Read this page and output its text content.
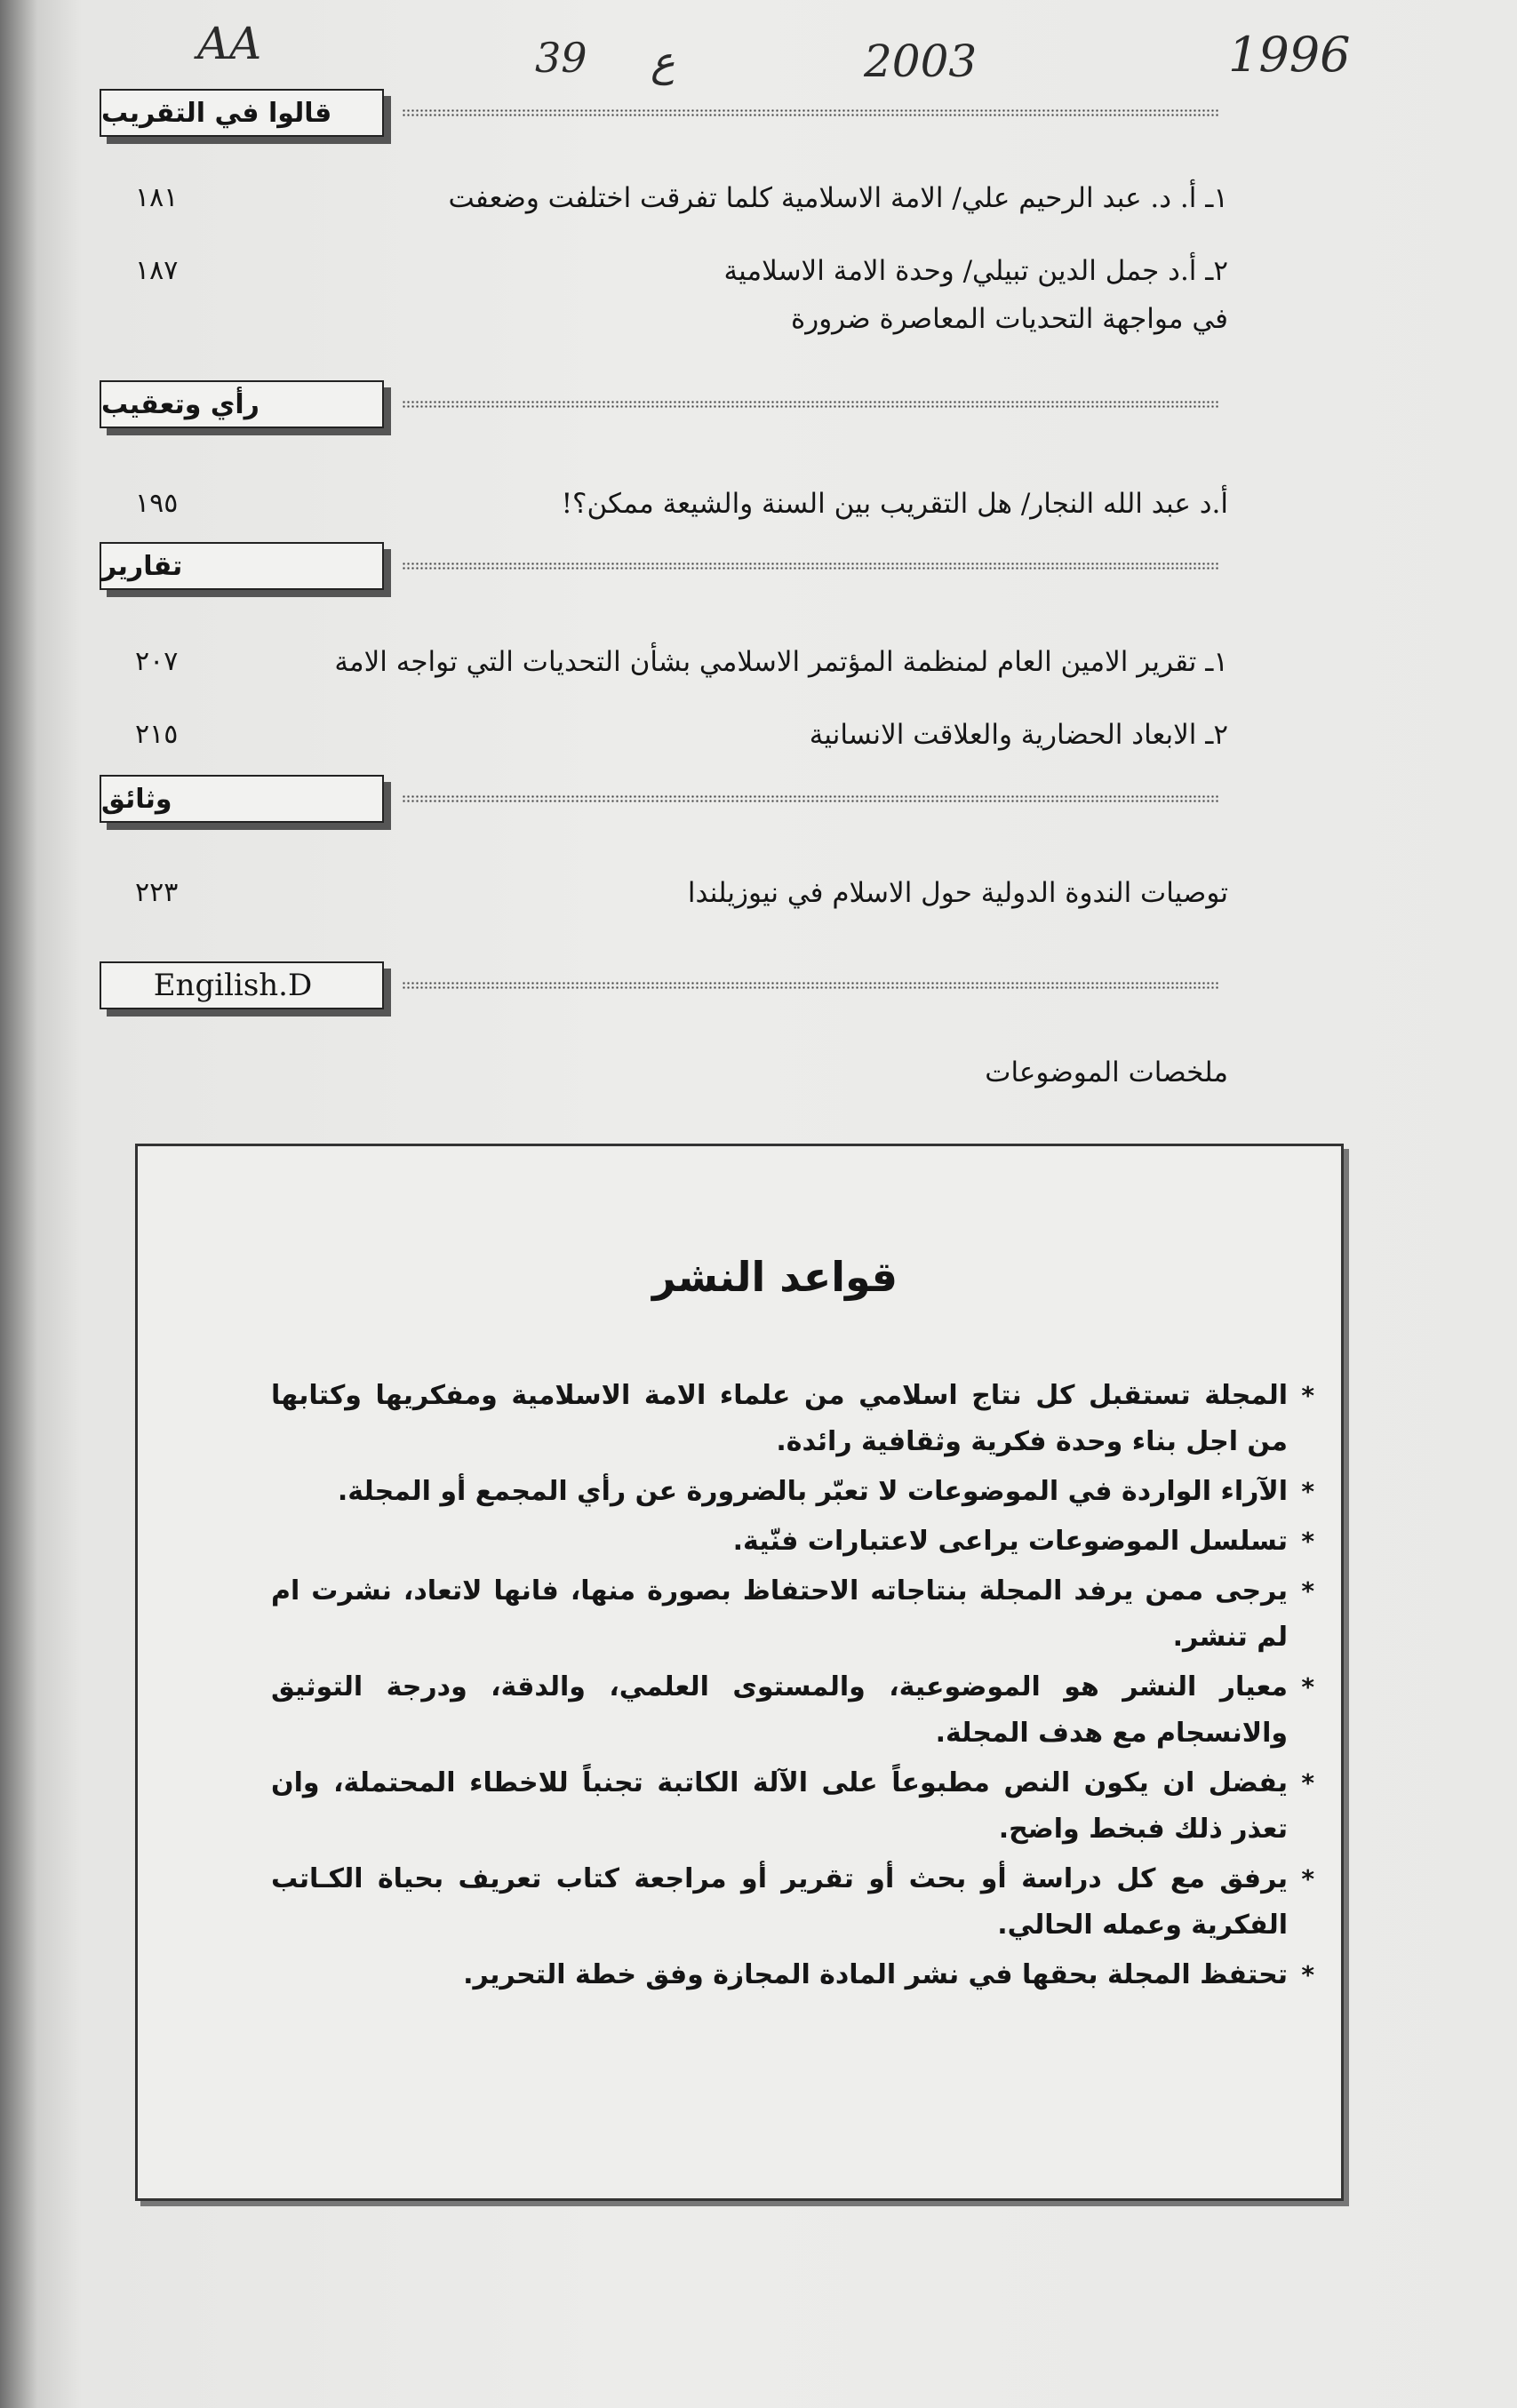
AA	39 ع	2003	1996
قالوا في التقريب
١٨١	١ـ أ. د. عبد الرحيم علي/ الامة الاسلامية كلما تفرقت اختلفت وضعفت
١٨٧	٢ـ أ.د جمل الدين تبيلي/ وحدة الامة الاسلامية في مواجهة التحديات المعاصرة ضرورة
رأي وتعقيب
١٩٥	أ.د عبد الله النجار/ هل التقريب بين السنة والشيعة ممكن؟!
تقارير
٢٠٧	١ـ تقرير الامين العام لمنظمة المؤتمر الاسلامي بشأن التحديات التي تواجه الامة
٢١٥	٢ـ الابعاد الحضارية والعلاقت الانسانية
وثائق
٢٢٣	توصيات الندوة الدولية حول الاسلام في نيوزيلندا
Engilish.D
ملخصات الموضوعات
قواعد النشر
*
المجلة تستقبل كل نتاج اسلامي من علماء الامة الاسلامية ومفكريها وكتابها من اجل بناء وحدة فكرية وثقافية رائدة.
*
الآراء الواردة في الموضوعات لا تعبّر بالضرورة عن رأي المجمع أو المجلة.
*
تسلسل الموضوعات يراعى لاعتبارات فنّية.
*
يرجى ممن يرفد المجلة بنتاجاته الاحتفاظ بصورة منها، فانها لاتعاد، نشرت ام لم تنشر.
*
معيار النشر هو الموضوعية، والمستوى العلمي، والدقة، ودرجة التوثيق والانسجام مع هدف المجلة.
*
يفضل ان يكون النص مطبوعاً على الآلة الكاتبة تجنباً للاخطاء المحتملة، وان تعذر ذلك فبخط واضح.
*
يرفق مع كل دراسة أو بحث أو تقرير أو مراجعة كتاب تعريف بحياة الكـاتب الفكرية وعمله الحالي.
*
تحتفظ المجلة بحقها في نشر المادة المجازة وفق خطة التحرير.
